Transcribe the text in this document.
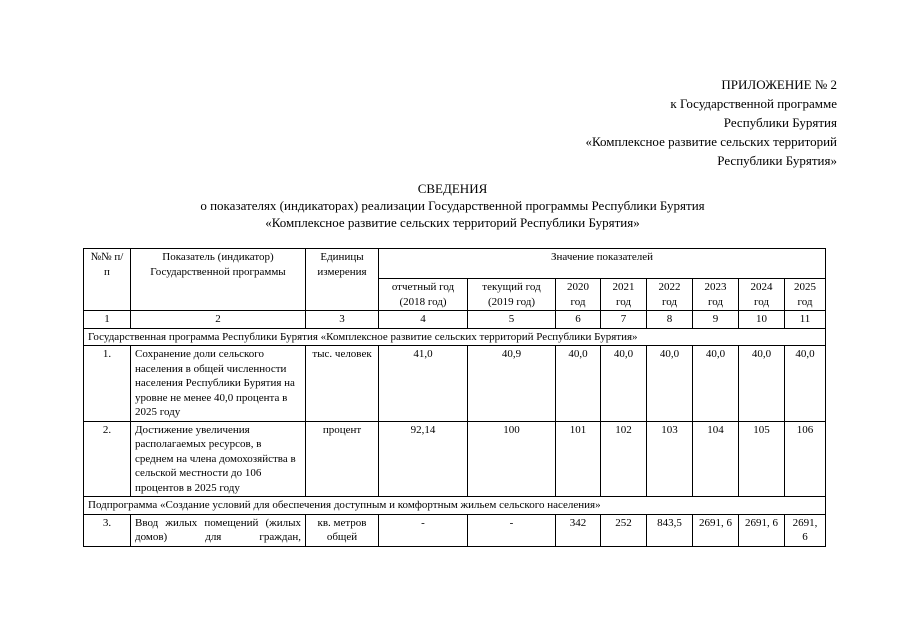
ПРИЛОЖЕНИЕ № 2
к Государственной программе
Республики Бурятия
«Комплексное развитие сельских территорий
Республики Бурятия»
СВЕДЕНИЯ
о показателях (индикаторах) реализации Государственной программы Республики Бурятия
«Комплексное развитие сельских территорий Республики Бурятия»
№№ п/п	Показатель (индикатор) Государственной программы	Единицы измерения	Значение показателей							
			отчетный год (2018 год)	текущий год (2019 год)	2020 год	2021 год	2022 год	2023 год	2024 год	2025 год
1	2	3	4	5	6	7	8	9	10	11
Государственная программа Республики Бурятия «Комплексное развитие сельских территорий Республики Бурятия»										
1.	Сохранение доли сельского населения в общей численности населения Республики Бурятия на уровне не менее 40,0 процента в 2025 году	тыс. человек	41,0	40,9	40,0	40,0	40,0	40,0	40,0	40,0
2.	Достижение увеличения располагаемых ресурсов, в среднем на члена домохозяйства в сельской местности до 106 процентов в 2025 году	процент	92,14	100	101	102	103	104	105	106
Подпрограмма «Создание условий для обеспечения доступным и комфортным жильем сельского населения»										
3.	Ввод жилых помещений (жилых домов) для граждан,	кв. метров общей	-	-	342	252	843,5	2691, 6	2691, 6	2691, 6
